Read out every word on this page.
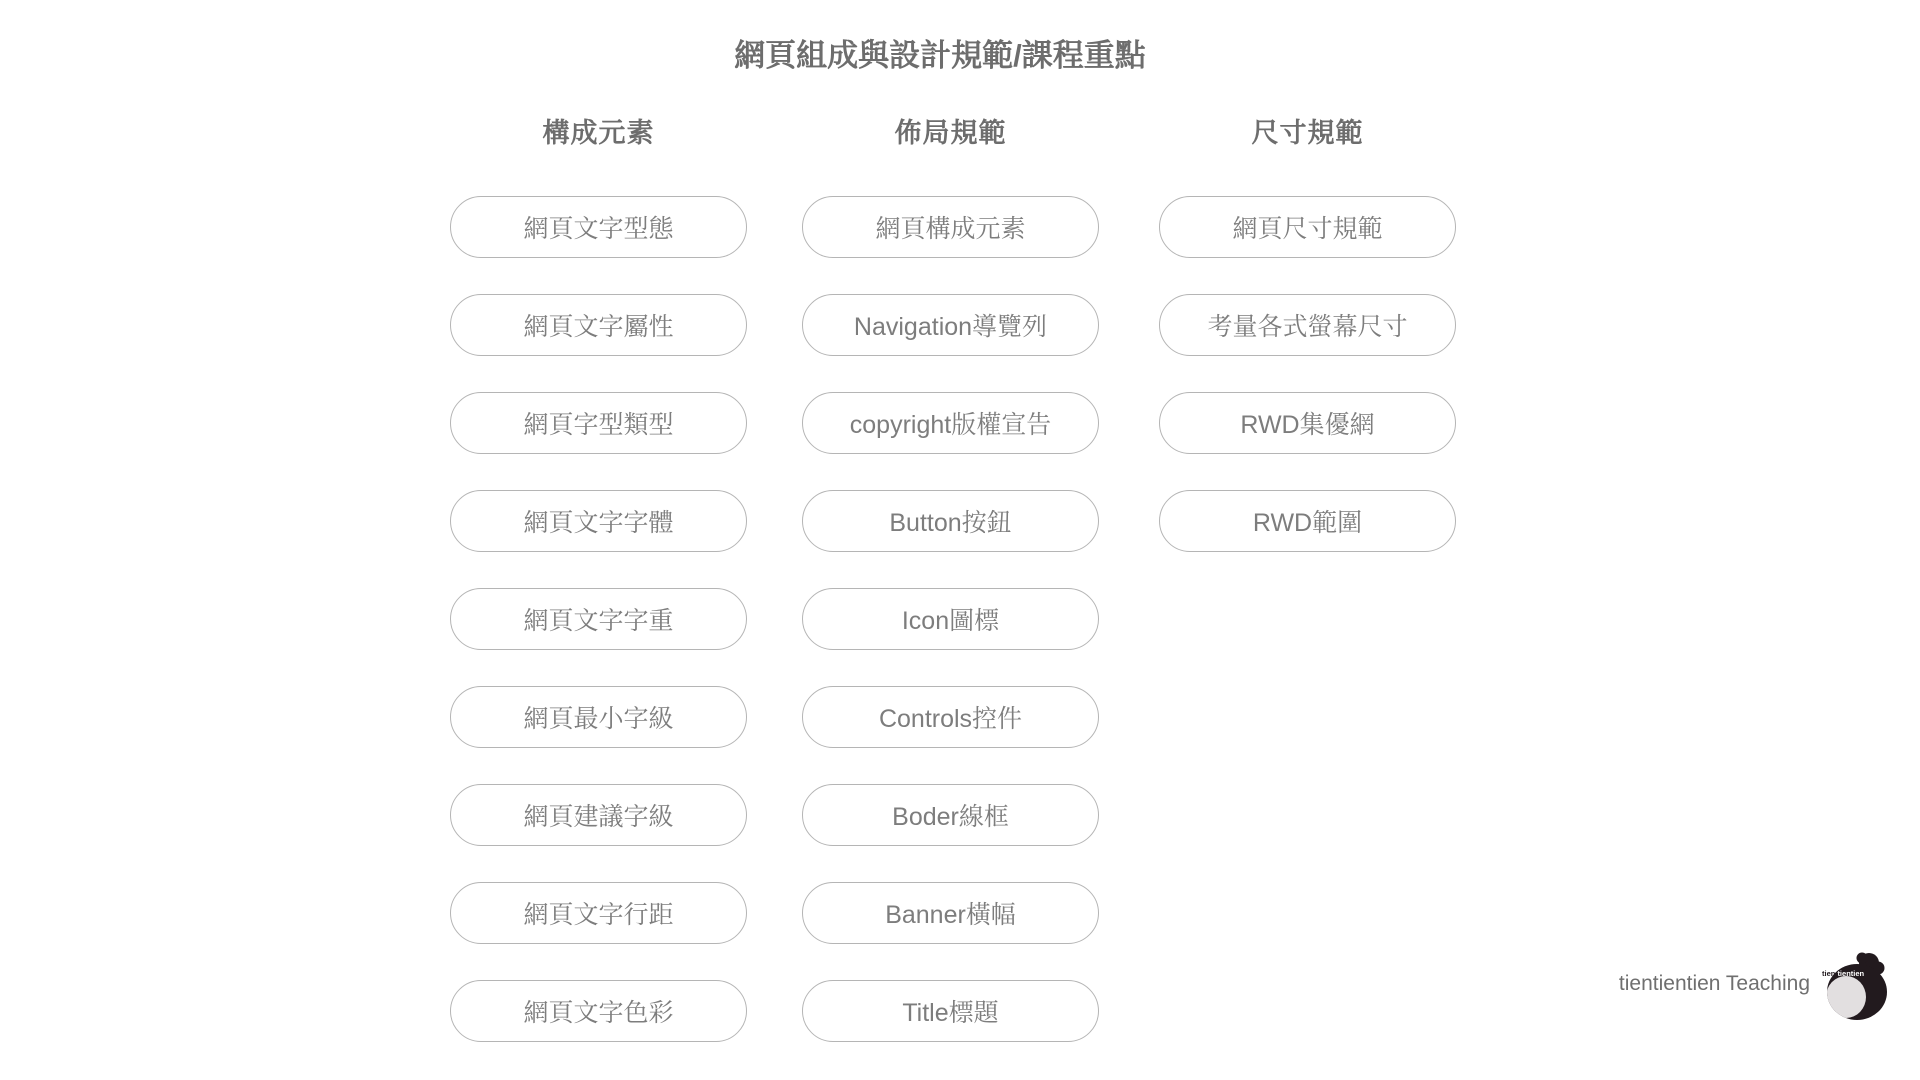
網頁組成與設計規範/課程重點
構成元素
網頁文字型態
網頁文字屬性
網頁字型類型
網頁文字字體
網頁文字字重
網頁最小字級
網頁建議字級
網頁文字行距
網頁文字色彩
佈局規範
網頁構成元素
Navigation導覽列
copyright版權宣告
Button按鈕
Icon圖標
Controls控件
Boder線框
Banner橫幅
Title標題
尺寸規範
網頁尺寸規範
考量各式螢幕尺寸
RWD集優網
RWD範圍
tientientien Teaching tien tientien
